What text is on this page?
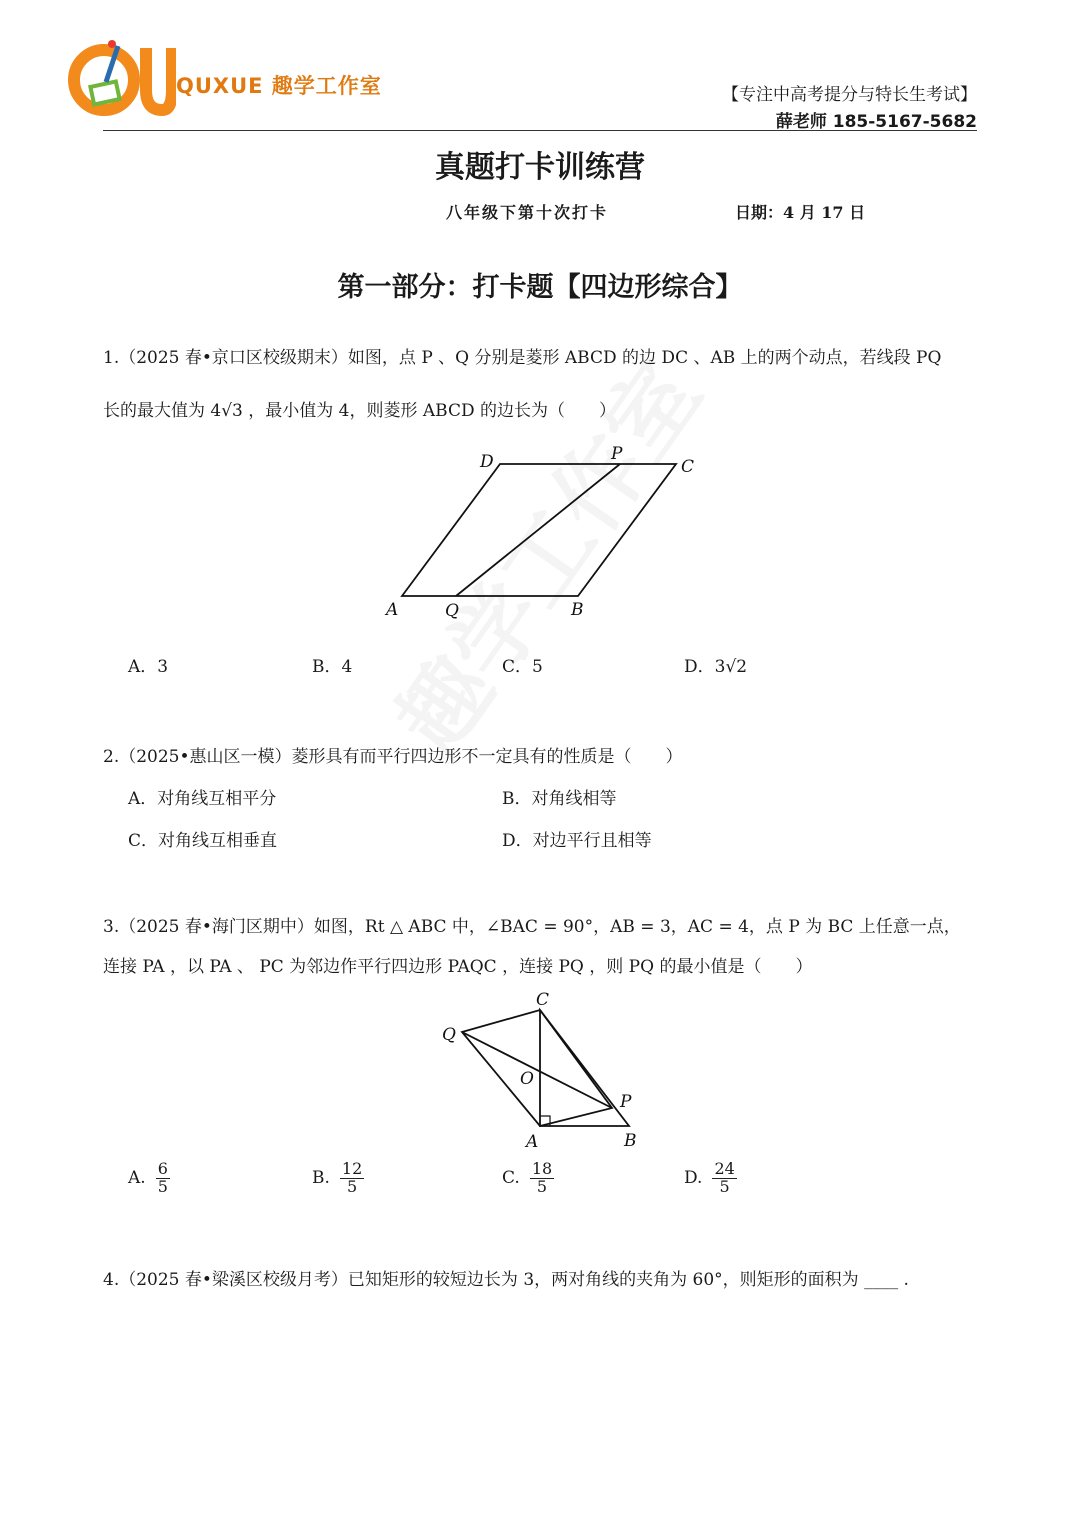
QUXUE 趣学工作室	【专注中高考提分与特长生考试】
薛老师 185-5167-5682
真题打卡训练营
八年级下第十次打卡	日期：4 月 17 日
第一部分：打卡题【四边形综合】
1.（2025 春•京口区校级期末）如图，点 P 、Q 分别是菱形 ABCD 的边 DC 、AB 上的两个动点，若线段 PQ
长的最大值为 4√3 ，最小值为 4，则菱形 ABCD 的边长为（　　）
D	P
C
A	Q	B
A．3	B．4	C．5	D．3√2
2.（2025•惠山区一模）菱形具有而平行四边形不一定具有的性质是（　　）
A．对角线互相平分	B．对角线相等
C．对角线互相垂直	D．对边平行且相等
3.（2025 春•海门区期中）如图，Rt △ ABC 中，∠BAC = 90°，AB = 3，AC = 4，点 P 为 BC 上任意一点，
连接 PA ，以 PA 、 PC 为邻边作平行四边形 PAQC ，连接 PQ ，则 PQ 的最小值是（　　）
C
Q
O
P
A	B
A. $\frac{6}{5}$	B. $\frac{12}{5}$	C. $\frac{18}{5}$	D. $\frac{24}{5}$
4.（2025 春•梁溪区校级月考）已知矩形的较短边长为 3，两对角线的夹角为 60°，则矩形的面积为 ____ .
